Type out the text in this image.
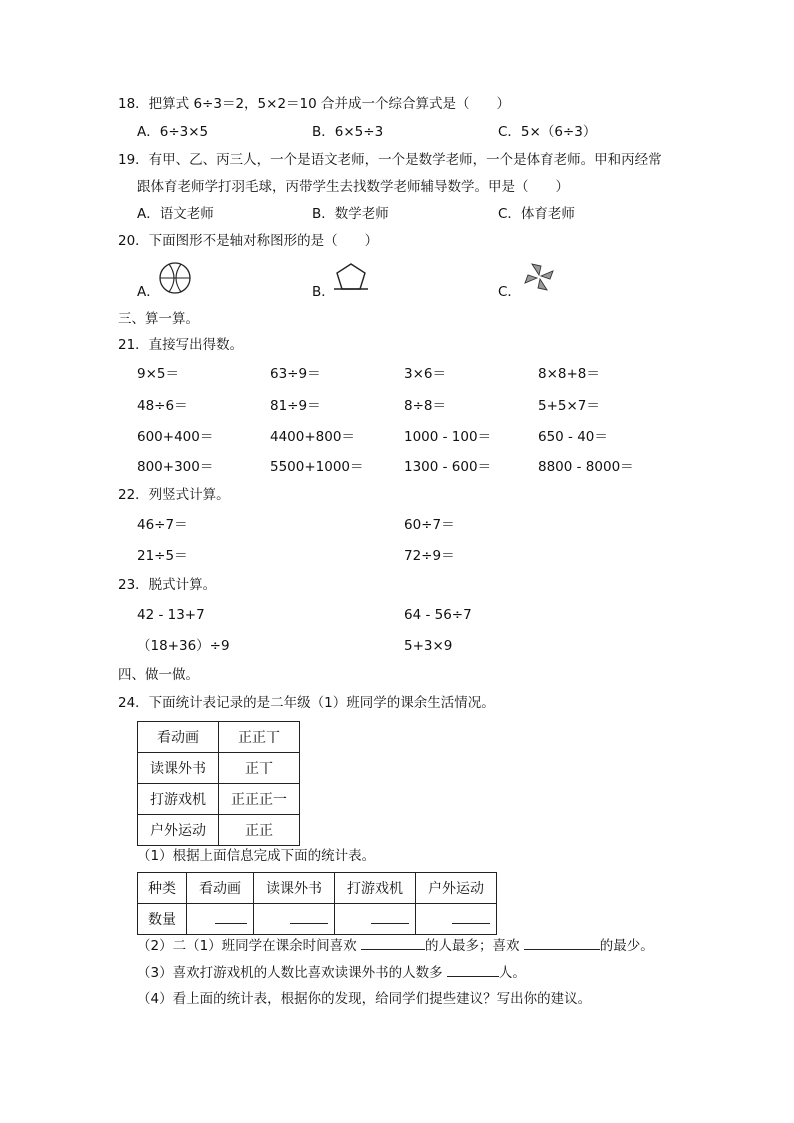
18．把算式 6÷3＝2，5×2＝10 合并成一个综合算式是（　　）
A．6÷3×5	B．6×5÷3	C．5×（6÷3）
19．有甲、乙、丙三人，一个是语文老师，一个是数学老师，一个是体育老师。甲和丙经常
跟体育老师学打羽毛球，丙带学生去找数学老师辅导数学。甲是（　　）
A．语文老师	B．数学老师	C．体育老师
20．下面图形不是轴对称图形的是（　　）
A．	B．	C．
三、算一算。
21．直接写出得数。
9×5＝	63÷9＝	3×6＝	8×8+8＝
48÷6＝	81÷9＝	8÷8＝	5+5×7＝
600+400＝	4400+800＝	1000 - 100＝	650 - 40＝
800+300＝	5500+1000＝	1300 - 600＝	8800 - 8000＝
22．列竖式计算。
46÷7＝	60÷7＝
21÷5＝	72÷9＝
23．脱式计算。
42 - 13+7	64 - 56÷7
（18+36）÷9	5+3×9
四、做一做。
24．下面统计表记录的是二年级（1）班同学的课余生活情况。
看动画	正正丅
读课外书	正丅
打游戏机	正正正一
户外运动	正正
（1）根据上面信息完成下面的统计表。
种类	看动画	读课外书	打游戏机	户外运动
数量				
（2）二（1）班同学在课余时间喜欢	的人最多；喜欢	的最少。
（3）喜欢打游戏机的人数比喜欢读课外书的人数多	人。
（4）看上面的统计表，根据你的发现，给同学们提些建议？写出你的建议。
